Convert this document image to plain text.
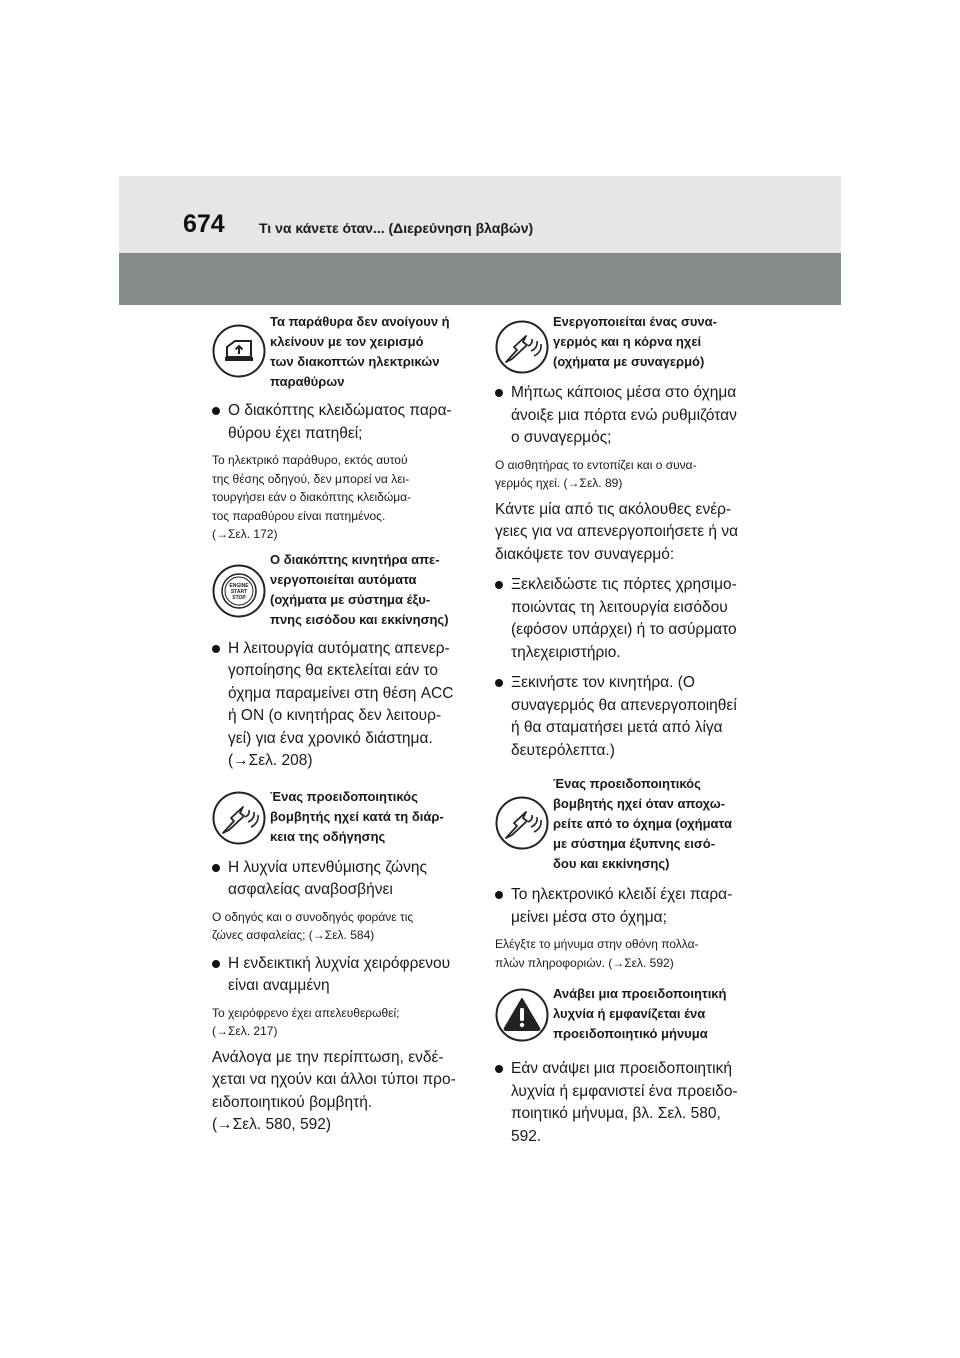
674 Τι να κάνετε όταν... (Διερεύνηση βλαβών)
Τα παράθυρα δεν ανοίγουν ή
κλείνουν με τον χειρισμό
των διακοπτών ηλεκτρικών
παραθύρων
Ο διακόπτης κλειδώματος παρα-
θύρου έχει πατηθεί;
Το ηλεκτρικό παράθυρο, εκτός αυτού
της θέσης οδηγού, δεν μπορεί να λει-
τουργήσει εάν ο διακόπτης κλειδώμα-
τος παραθύρου είναι πατημένος.
(→Σελ. 172)
ENGINE
START
STOP
Ο διακόπτης κινητήρα απε-
νεργοποιείται αυτόματα
(οχήματα με σύστημα έξυ-
πνης εισόδου και εκκίνησης)
Η λειτουργία αυτόματης απενερ-
γοποίησης θα εκτελείται εάν το
όχημα παραμείνει στη θέση ACC
ή ON (ο κινητήρας δεν λειτουρ-
γεί) για ένα χρονικό διάστημα.
(→Σελ. 208)
Ένας προειδοποιητικός
βομβητής ηχεί κατά τη διάρ-
κεια της οδήγησης
Η λυχνία υπενθύμισης ζώνης
ασφαλείας αναβοσβήνει
Ο οδηγός και ο συνοδηγός φοράνε τις
ζώνες ασφαλείας; (→Σελ. 584)
Η ενδεικτική λυχνία χειρόφρενου
είναι αναμμένη
Το χειρόφρενο έχει απελευθερωθεί;
(→Σελ. 217)
Ανάλογα με την περίπτωση, ενδέ-
χεται να ηχούν και άλλοι τύποι προ-
ειδοποιητικού βομβητή.
(→Σελ. 580, 592)
Ενεργοποιείται ένας συνα-
γερμός και η κόρνα ηχεί
(οχήματα με συναγερμό)
Μήπως κάποιος μέσα στο όχημα
άνοιξε μια πόρτα ενώ ρυθμιζόταν
ο συναγερμός;
Ο αισθητήρας το εντοπίζει και ο συνα-
γερμός ηχεί. (→Σελ. 89)
Κάντε μία από τις ακόλουθες ενέρ-
γειες για να απενεργοποιήσετε ή να
διακόψετε τον συναγερμό:
Ξεκλειδώστε τις πόρτες χρησιμο-
ποιώντας τη λειτουργία εισόδου
(εφόσον υπάρχει) ή το ασύρματο
τηλεχειριστήριο.
Ξεκινήστε τον κινητήρα. (Ο
συναγερμός θα απενεργοποιηθεί
ή θα σταματήσει μετά από λίγα
δευτερόλεπτα.)
Ένας προειδοποιητικός
βομβητής ηχεί όταν αποχω-
ρείτε από το όχημα (οχήματα
με σύστημα έξυπνης εισό-
δου και εκκίνησης)
Το ηλεκτρονικό κλειδί έχει παρα-
μείνει μέσα στο όχημα;
Ελέγξτε το μήνυμα στην οθόνη πολλα-
πλών πληροφοριών. (→Σελ. 592)
Ανάβει μια προειδοποιητική
λυχνία ή εμφανίζεται ένα
προειδοποιητικό μήνυμα
Εάν ανάψει μια προειδοποιητική
λυχνία ή εμφανιστεί ένα προειδο-
ποιητικό μήνυμα, βλ. Σελ. 580,
592.
